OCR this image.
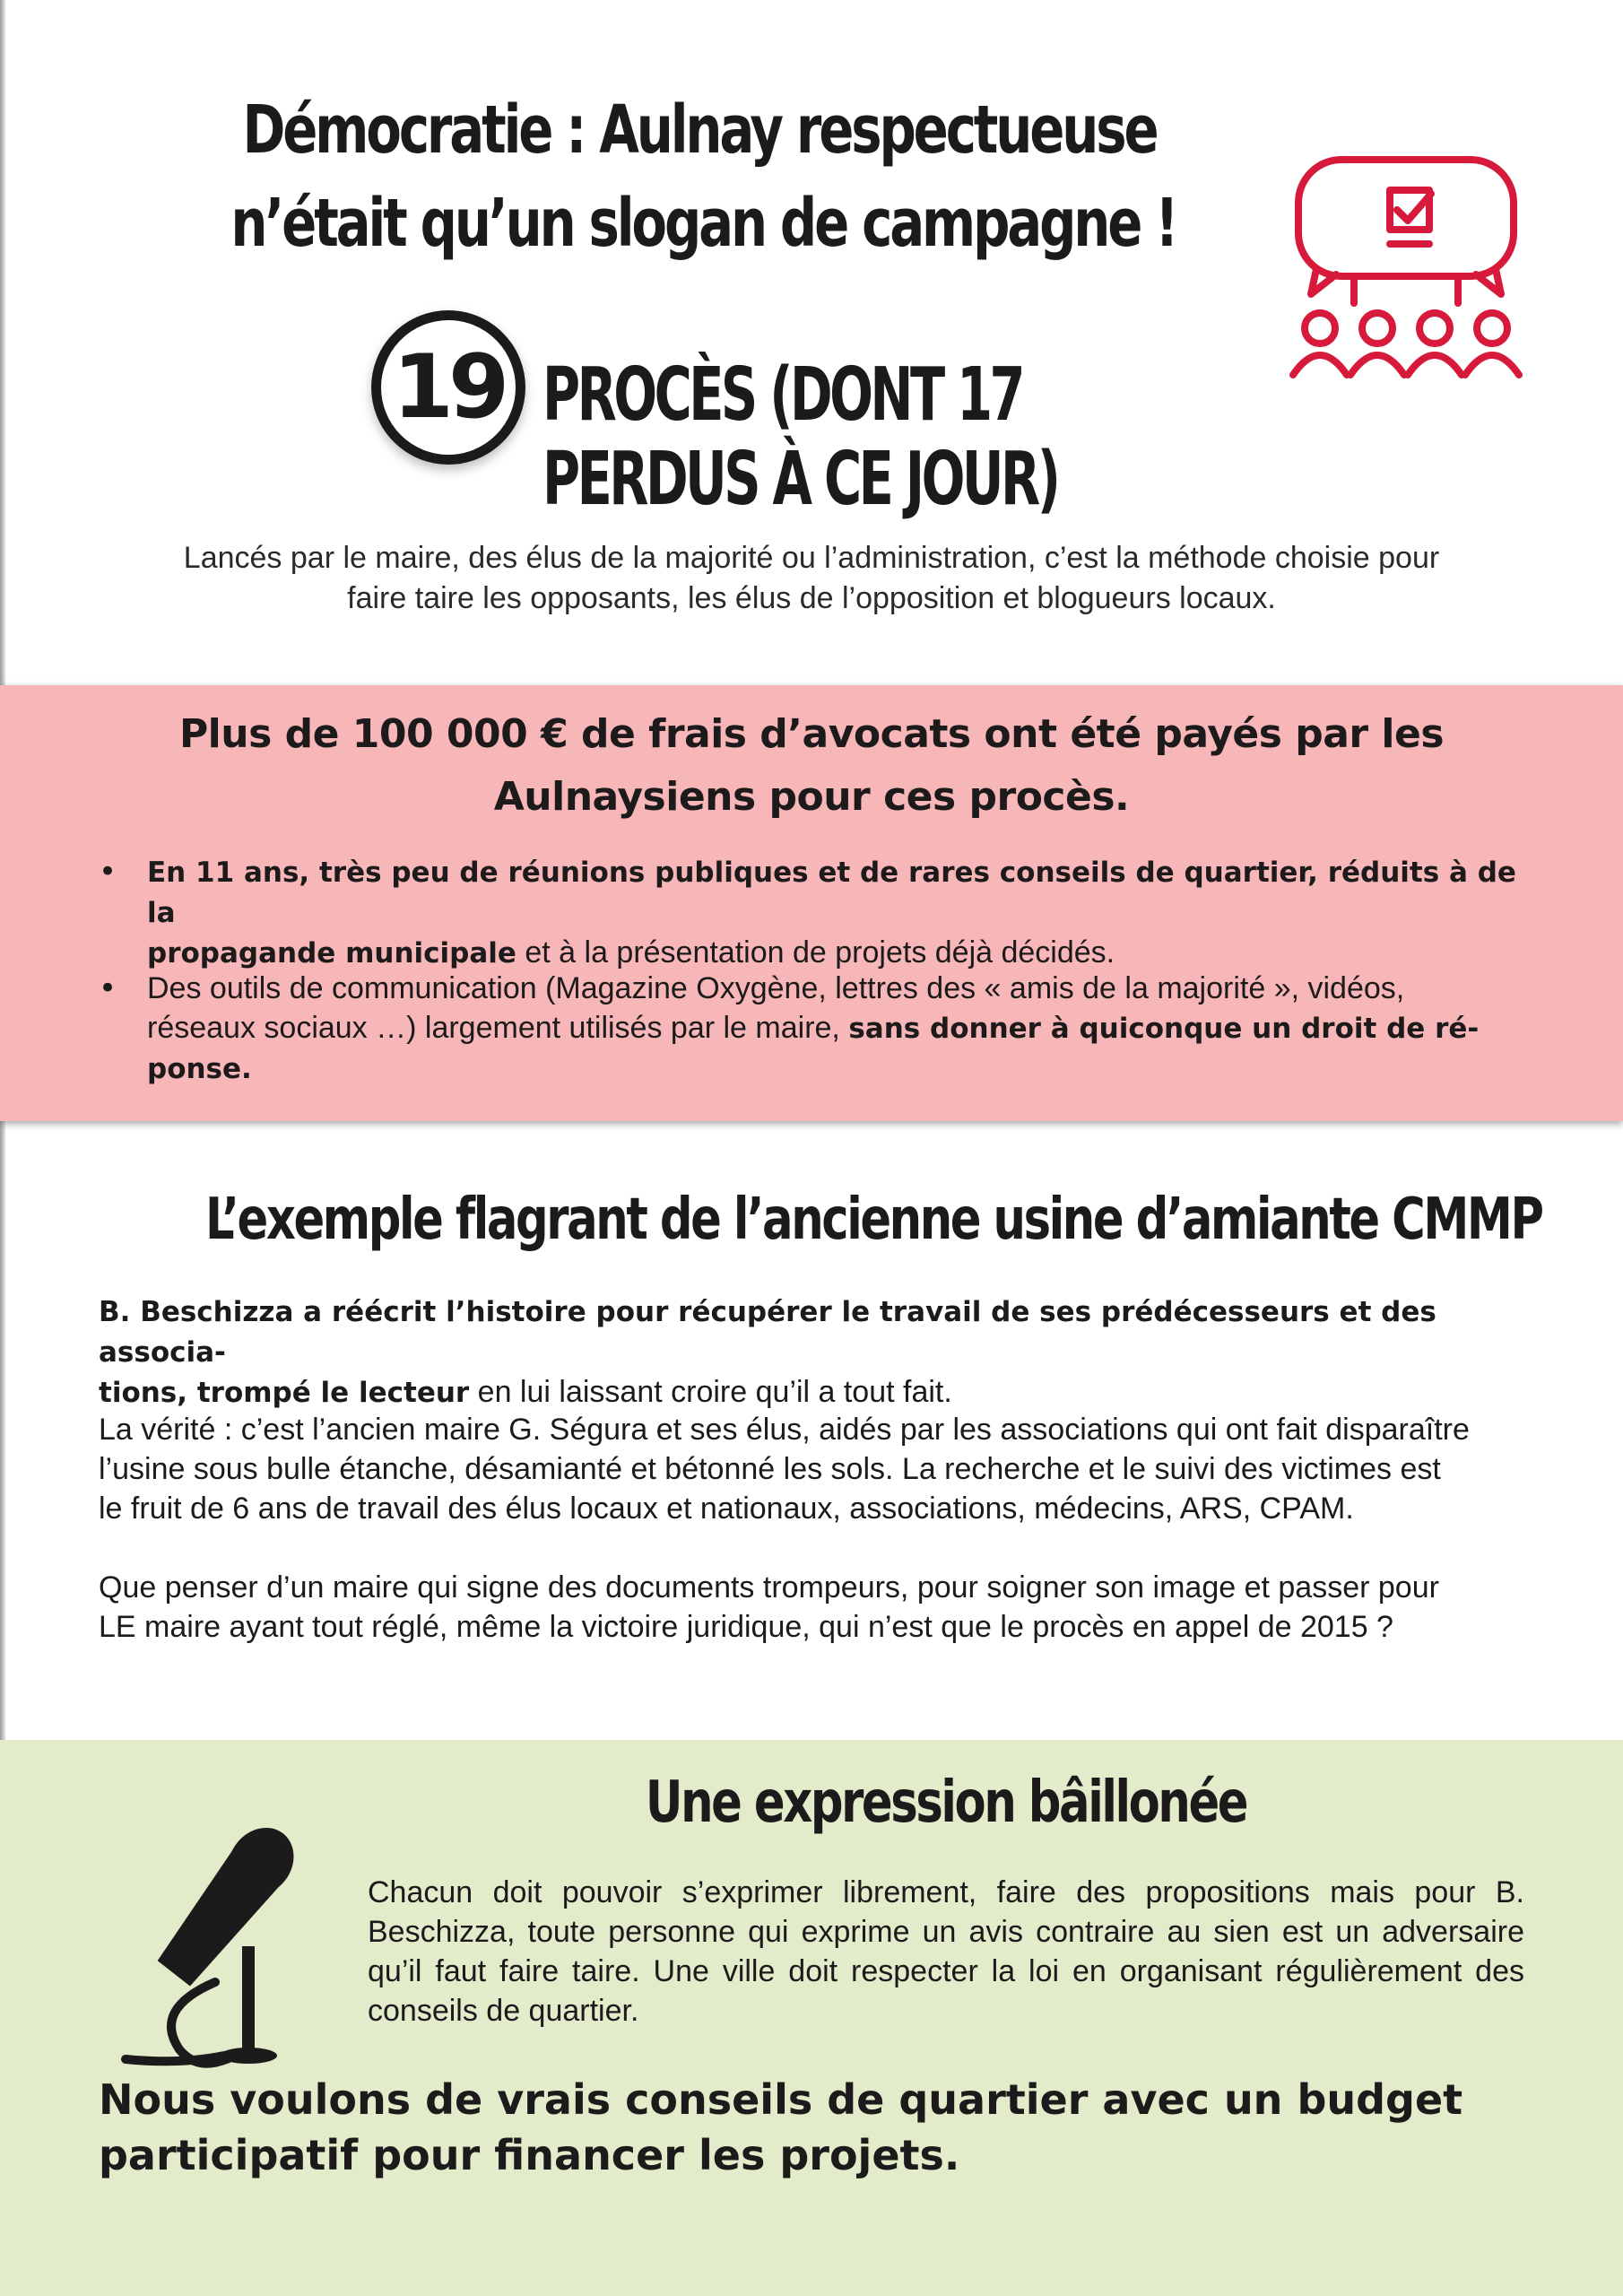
Démocratie : Aulnay respectueuse
n’était qu’un slogan de campagne !
19 PROCÈS (DONT 17
PERDUS À CE JOUR)
Lancés par le maire, des élus de la majorité ou l’administration, c’est la méthode choisie pour
faire taire les opposants, les élus de l’opposition et blogueurs locaux.
Plus de 100 000 € de frais d’avocats ont été payés par les
Aulnaysiens pour ces procès.
• En 11 ans, très peu de réunions publiques et de rares conseils de quartier, réduits à de la
propagande municipale et à la présentation de projets déjà décidés.
• Des outils de communication (Magazine Oxygène, lettres des « amis de la majorité », vidéos,
réseaux sociaux …) largement utilisés par le maire, sans donner à quiconque un droit de ré-
ponse.
L’exemple flagrant de l’ancienne usine d’amiante CMMP
B. Beschizza a réécrit l’histoire pour récupérer le travail de ses prédécesseurs et des associa-
tions, trompé le lecteur en lui laissant croire qu’il a tout fait.
La vérité : c’est l’ancien maire G. Ségura et ses élus, aidés par les associations qui ont fait disparaître
l’usine sous bulle étanche, désamianté et bétonné les sols. La recherche et le suivi des victimes est
le fruit de 6 ans de travail des élus locaux et nationaux, associations, médecins, ARS, CPAM.
Que penser d’un maire qui signe des documents trompeurs, pour soigner son image et passer pour
LE maire ayant tout réglé, même la victoire juridique, qui n’est que le procès en appel de 2015 ?
Une expression bâillonée
Chacun doit pouvoir s’exprimer librement, faire des propositions mais pour B. Beschizza, toute personne qui exprime un avis contraire au sien est un adversaire qu’il faut faire taire. Une ville doit respecter la loi en organisant régulièrement des conseils de quartier.
Nous voulons de vrais conseils de quartier avec un budget participatif pour financer les projets.
